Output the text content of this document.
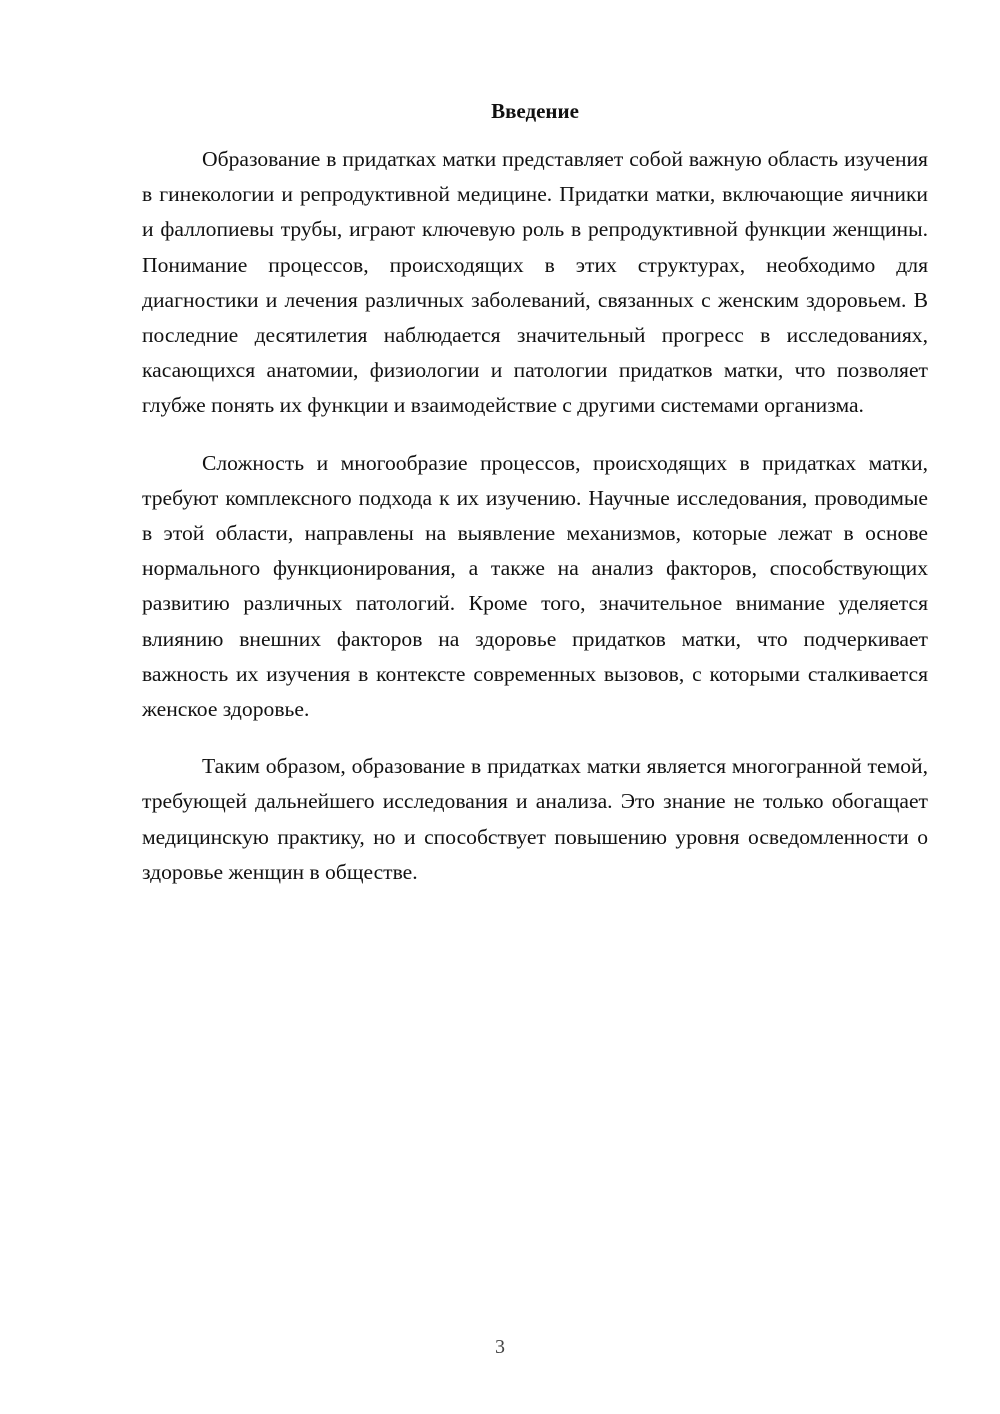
Введение

Образование в придатках матки представляет собой важную область изучения в гинекологии и репродуктивной медицине. Придатки матки, включающие яичники и фаллопиевы трубы, играют ключевую роль в репродуктивной функции женщины. Понимание процессов, происходящих в этих структурах, необходимо для диагностики и лечения различных заболеваний, связанных с женским здоровьем. В последние десятилетия наблюдается значительный прогресс в исследованиях, касающихся анатомии, физиологии и патологии придатков матки, что позволяет глубже понять их функции и взаимодействие с другими системами организма.

Сложность и многообразие процессов, происходящих в придатках матки, требуют комплексного подхода к их изучению. Научные исследования, проводимые в этой области, направлены на выявление механизмов, которые лежат в основе нормального функционирования, а также на анализ факторов, способствующих развитию различных патологий. Кроме того, значительное внимание уделяется влиянию внешних факторов на здоровье придатков матки, что подчеркивает важность их изучения в контексте современных вызовов, с которыми сталкивается женское здоровье.

Таким образом, образование в придатках матки является многогранной темой, требующей дальнейшего исследования и анализа. Это знание не только обогащает медицинскую практику, но и способствует повышению уровня осведомленности о здоровье женщин в обществе.

3
